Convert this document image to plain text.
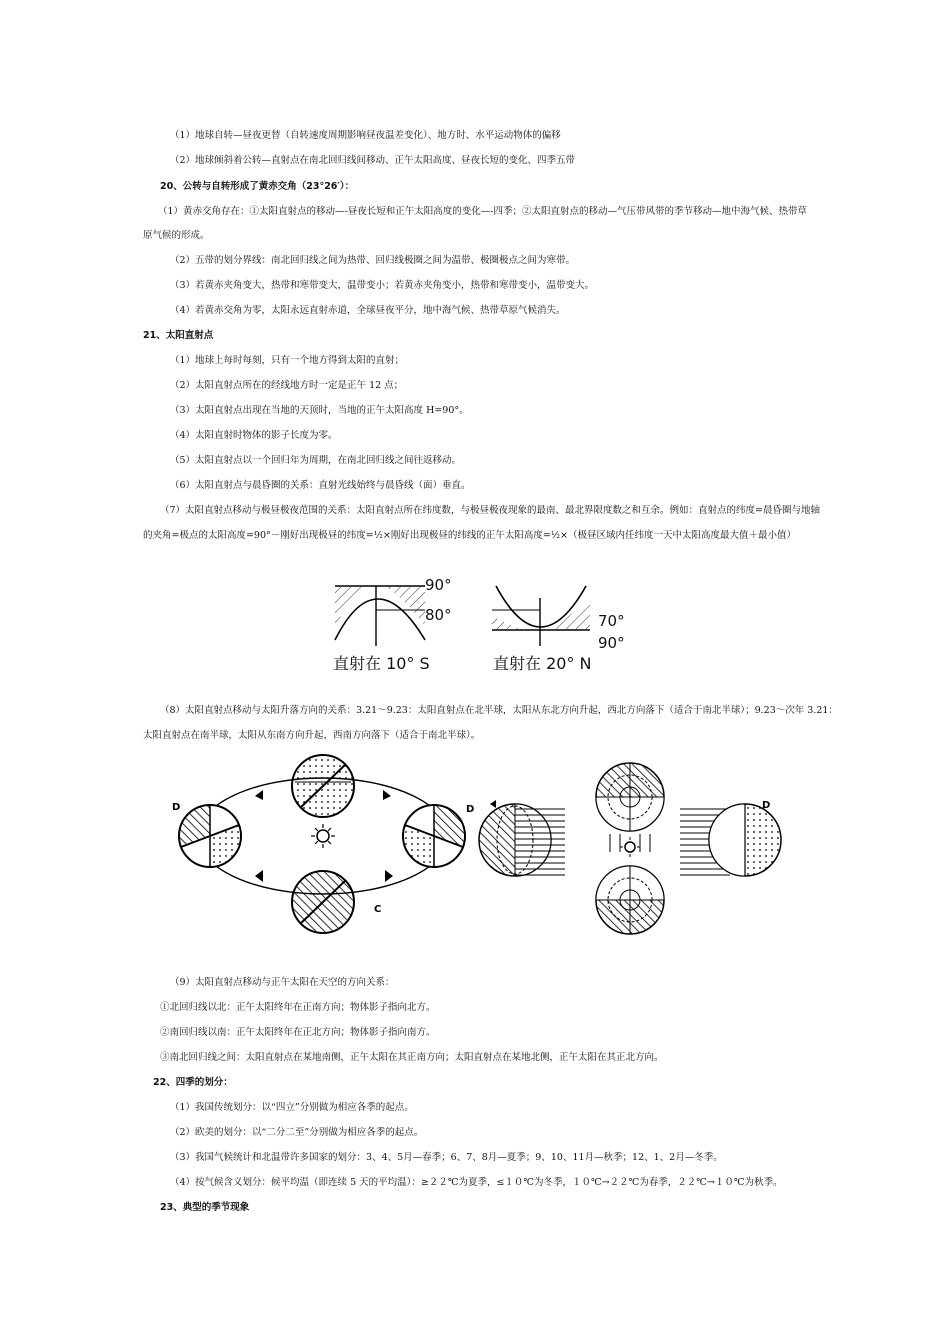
（1）地球自转—昼夜更替（自转速度周期影响昼夜温差变化）、地方时、水平运动物体的偏移
（2）地球倾斜着公转—直射点在南北回归线间移动、正午太阳高度、昼夜长短的变化、四季五带
20、公转与自转形成了黄赤交角（23°26′）：
（1）黄赤交角存在：①太阳直射点的移动—-昼夜长短和正午太阳高度的变化—-四季；②太阳直射点的移动—气压带风带的季节移动—地中海气候、热带草
原气候的形成。
（2）五带的划分界线：南北回归线之间为热带、回归线极圈之间为温带、极圈极点之间为寒带。
（3）若黄赤夹角变大，热带和寒带变大，温带变小；若黄赤夹角变小，热带和寒带变小，温带变大。
（4）若黄赤交角为零，太阳永远直射赤道，全球昼夜平分，地中海气候、热带草原气候消失。
21、太阳直射点
（1）地球上每时每刻，只有一个地方得到太阳的直射；
（2）太阳直射点所在的经线地方时一定是正午 12 点；
（3）太阳直射点出现在当地的天顶时，当地的正午太阳高度 H=90°。
（4）太阳直射时物体的影子长度为零。
（5）太阳直射点以一个回归年为周期，在南北回归线之间往返移动。
（6）太阳直射点与晨昏圈的关系：直射光线始终与晨昏线（面）垂直。
（7）太阳直射点移动与极昼极夜范围的关系：太阳直射点所在纬度数，与极昼极夜现象的最南、最北界限度数之和互余。例如：直射点的纬度=晨昏圈与地轴
的夹角=极点的太阳高度=90°－刚好出现极昼的纬度=½×刚好出现极昼的纬线的正午太阳高度=½×（极昼区域内任纬度一天中太阳高度最大值＋最小值）
90°
80°
直射在 10° S
70°
90°
直射在 20° N
（8）太阳直射点移动与太阳升落方向的关系：3.21～9.23：太阳直射点在北半球，太阳从东北方向升起，西北方向落下（适合于南北半球）；9.23～次年 3.21：
太阳直射点在南半球，太阳从东南方向升起，西南方向落下（适合于南北半球）。
D	D
C
D
（9）太阳直射点移动与正午太阳在天空的方向关系：
①北回归线以北：正午太阳终年在正南方向；物体影子指向北方。
②南回归线以南：正午太阳终年在正北方向；物体影子指向南方。
③南北回归线之间：太阳直射点在某地南侧，正午太阳在其正南方向；太阳直射点在某地北侧，正午太阳在其正北方向。
22、四季的划分：
（1）我国传统划分：以“四立”分别做为相应各季的起点。
（2）欧美的划分：以“二分二至”分别做为相应各季的起点。
（3）我国气候统计和北温带许多国家的划分：3、4、5月—春季；6、7、8月—夏季；9、10、11月—秋季；12、1、2月—冬季。
（4）按气候含义划分：候平均温（即连续 5 天的平均温）：≥２２℃为夏季，≤１０℃为冬季，１０℃→２２℃为春季，２２℃→１０℃为秋季。
23、典型的季节现象
